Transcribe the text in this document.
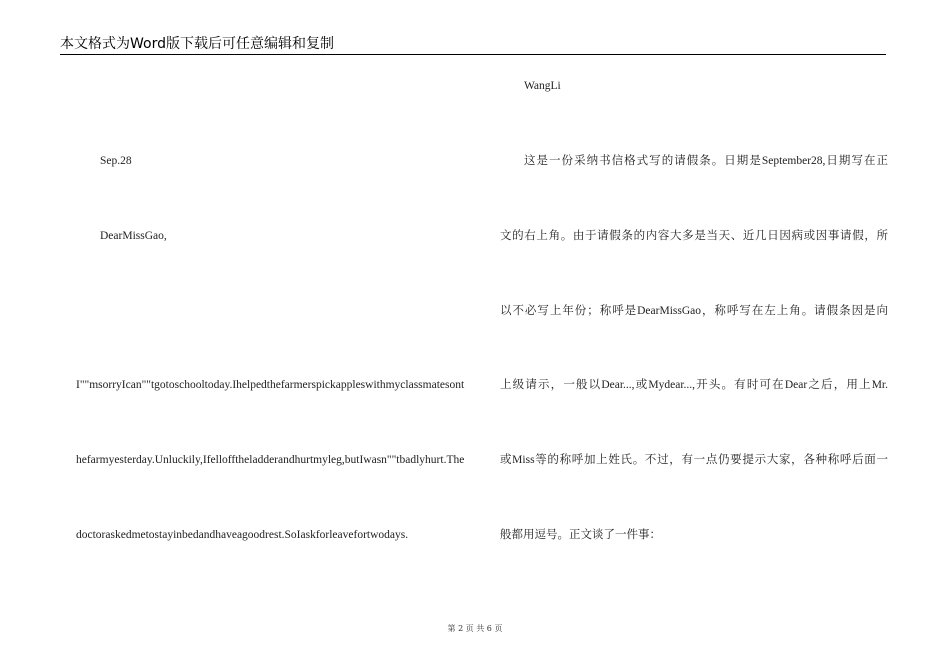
本文格式为Word版下载后可任意编辑和复制
Sep.28
DearMissGao,
I""msorryIcan""tgotoschooltoday.Ihelpedthefarmerspickappleswithmyclassmatesont
hefarmyesterday.Unluckily,Ifellofftheladderandhurtmyleg,butIwasn""tbadlyhurt.The
doctoraskedmetostayinbedandhaveagoodrest.SoIaskforleavefortwodays.
WangLi
这是一份采纳书信格式写的请假条。日期是September28,日期写在正
文的右上角。由于请假条的内容大多是当天、近几日因病或因事请假，所
以不必写上年份；称呼是DearMissGao，称呼写在左上角。请假条因是向
上级请示，一般以Dear...,或Mydear...,开头。有时可在Dear之后，用上Mr.
或Miss等的称呼加上姓氏。不过，有一点仍要提示大家，各种称呼后面一
般都用逗号。正文谈了一件事：
第 2 页 共 6 页
